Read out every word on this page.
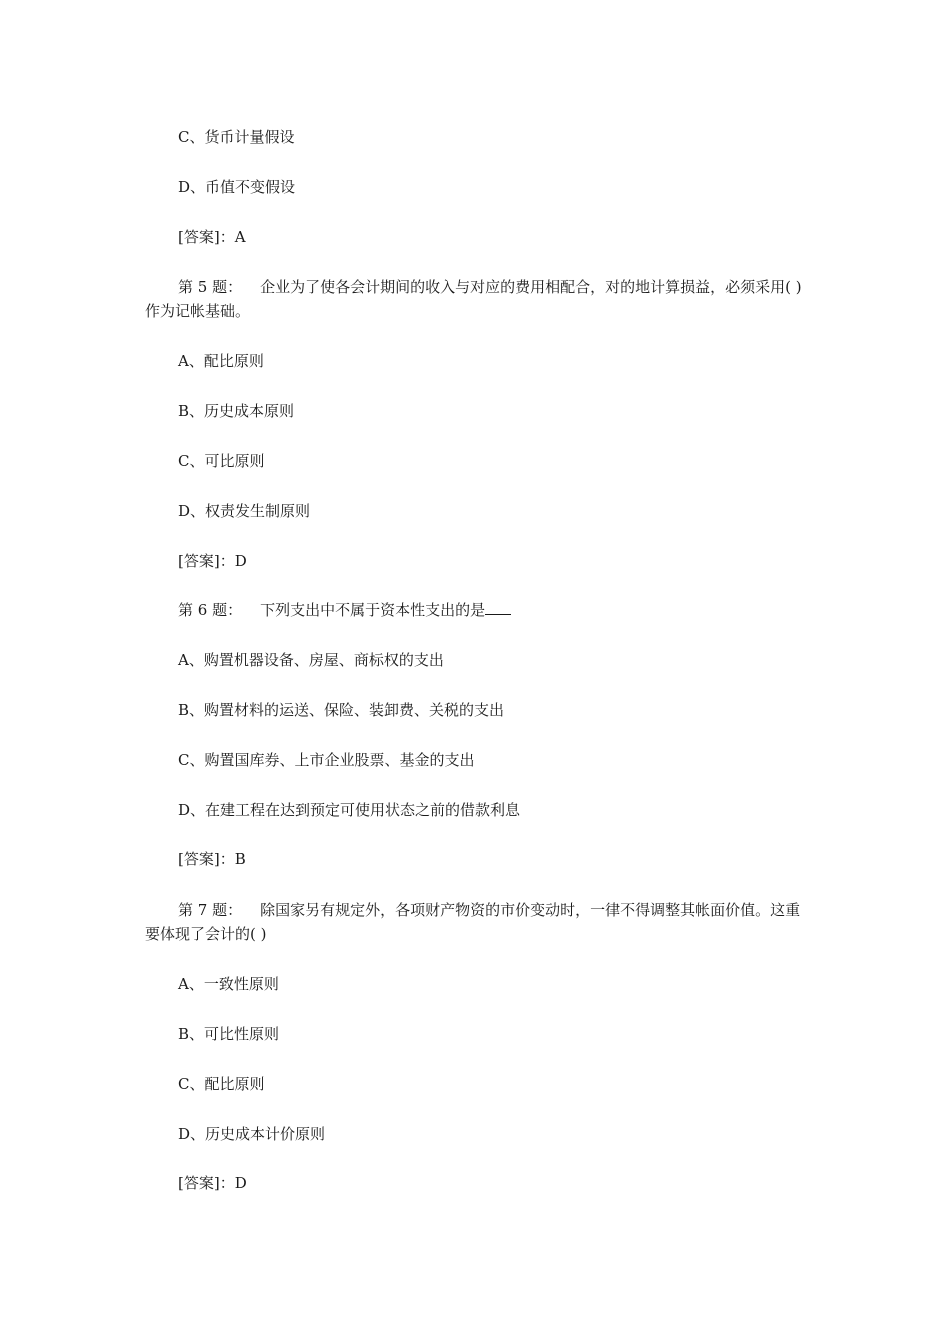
C、货币计量假设
D、币值不变假设
[答案]：A
第 5 题： 企业为了使各会计期间的收入与对应的费用相配合，对的地计算损益，必须采用( )作为记帐基础。
A、配比原则
B、历史成本原则
C、可比原则
D、权责发生制原则
[答案]：D
第 6 题： 下列支出中不属于资本性支出的是
A、购置机器设备、房屋、商标权的支出
B、购置材料的运送、保险、装卸费、关税的支出
C、购置国库券、上市企业股票、基金的支出
D、在建工程在达到预定可使用状态之前的借款利息
[答案]：B
第 7 题： 除国家另有规定外，各项财产物资的市价变动时，一律不得调整其帐面价值。这重要体现了会计的( )
A、一致性原则
B、可比性原则
C、配比原则
D、历史成本计价原则
[答案]：D
